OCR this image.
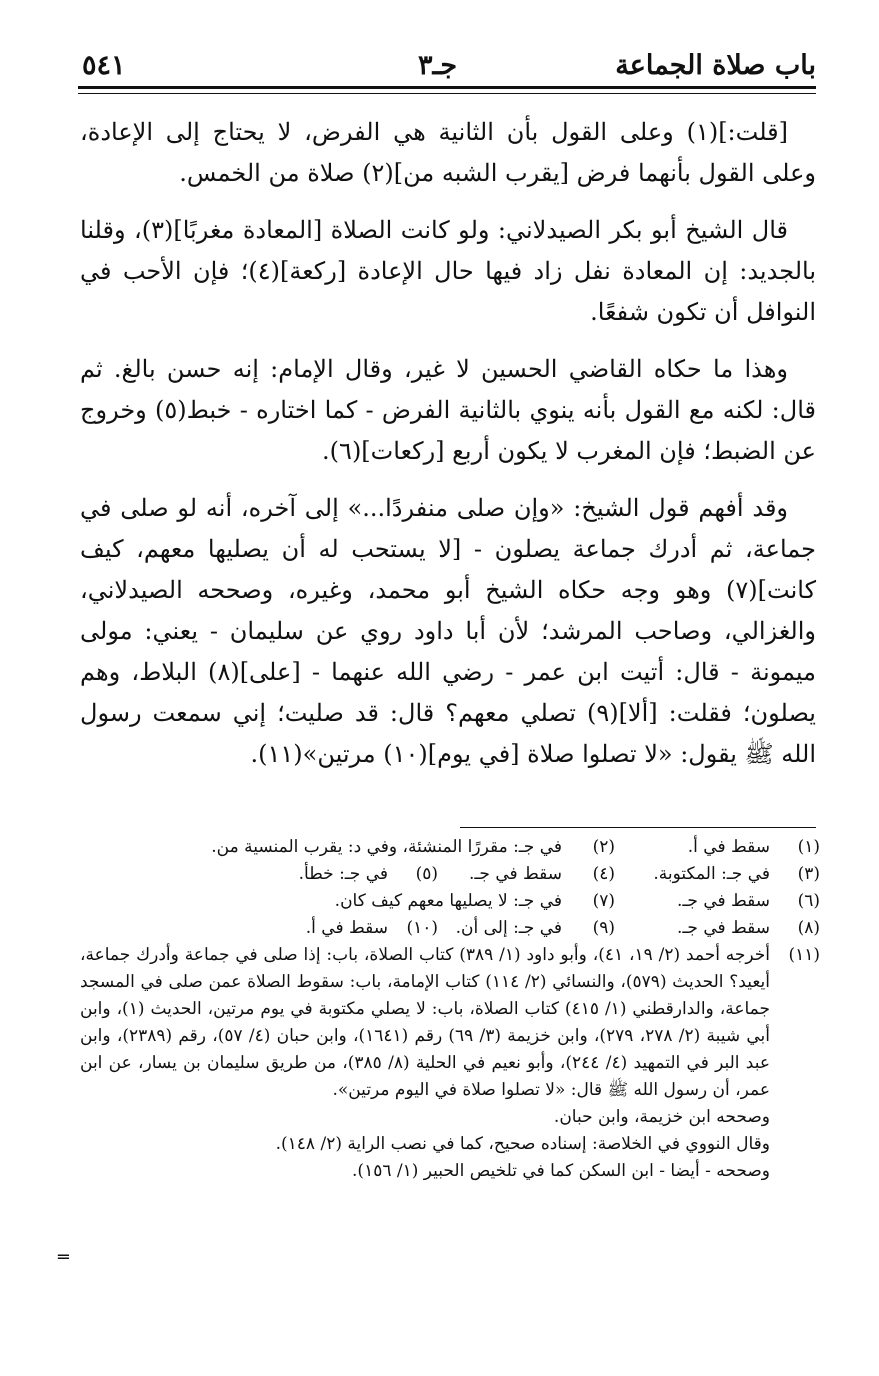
باب صلاة الجماعة
جـ٣
٥٤١

[قلت:](١) وعلى القول بأن الثانية هي الفرض، لا يحتاج إلى الإعادة، وعلى القول بأنهما فرض [يقرب الشبه من](٢) صلاة من الخمس.

قال الشيخ أبو بكر الصيدلاني: ولو كانت الصلاة [المعادة مغربًا](٣)، وقلنا بالجديد: إن المعادة نفل زاد فيها حال الإعادة [ركعة](٤)؛ فإن الأحب في النوافل أن تكون شفعًا.

وهذا ما حكاه القاضي الحسين لا غير، وقال الإمام: إنه حسن بالغ. ثم قال: لكنه مع القول بأنه ينوي بالثانية الفرض - كما اختاره - خبط(٥) وخروج عن الضبط؛ فإن المغرب لا يكون أربع [ركعات](٦).

وقد أفهم قول الشيخ: «وإن صلى منفردًا...» إلى آخره، أنه لو صلى في جماعة، ثم أدرك جماعة يصلون - [لا يستحب له أن يصليها معهم، كيف كانت](٧) وهو وجه حكاه الشيخ أبو محمد، وغيره، وصححه الصيدلاني، والغزالي، وصاحب المرشد؛ لأن أبا داود روي عن سليمان - يعني: مولى ميمونة - قال: أتيت ابن عمر - رضي الله عنهما - [على](٨) البلاط، وهم يصلون؛ فقلت: [ألا](٩) تصلي معهم؟ قال: قد صليت؛ إني سمعت رسول الله ﷺ يقول: «لا تصلوا صلاة [في يوم](١٠) مرتين»(١١).

(١)
سقط في أ.
(٢)
في جـ: مقررًا المنشئة، وفي د: يقرب المنسية من.
(٣)
في جـ: المكتوبة.
(٤)
سقط في جـ.
(٥)
في جـ: خطأ.
(٦)
سقط في جـ.
(٧)
في جـ: لا يصليها معهم كيف كان.
(٨)
سقط في جـ.
(٩)
في جـ: إلى أن.
(١٠)
سقط في أ.
(١١)
أخرجه أحمد (٢/ ١٩، ٤١)، وأبو داود (١/ ٣٨٩) كتاب الصلاة، باب: إذا صلى في جماعة وأدرك جماعة، أيعيد؟ الحديث (٥٧٩)، والنسائي (٢/ ١١٤) كتاب الإمامة، باب: سقوط الصلاة عمن صلى في المسجد جماعة، والدارقطني (١/ ٤١٥) كتاب الصلاة، باب: لا يصلي مكتوبة في يوم مرتين، الحديث (١)، وابن أبي شيبة (٢/ ٢٧٨، ٢٧٩)، وابن خزيمة (٣/ ٦٩) رقم (١٦٤١)، وابن حبان (٤/ ٥٧)، رقم (٢٣٨٩)، وابن عبد البر في التمهيد (٤/ ٢٤٤)، وأبو نعيم في الحلية (٨/ ٣٨٥)، من طريق سليمان بن يسار، عن ابن عمر، أن رسول الله ﷺ قال: «لا تصلوا صلاة في اليوم مرتين».
وصححه ابن خزيمة، وابن حبان.
وقال النووي في الخلاصة: إسناده صحيح، كما في نصب الراية (٢/ ١٤٨).
وصححه - أيضا - ابن السكن كما في تلخيص الحبير (١/ ١٥٦).
═
